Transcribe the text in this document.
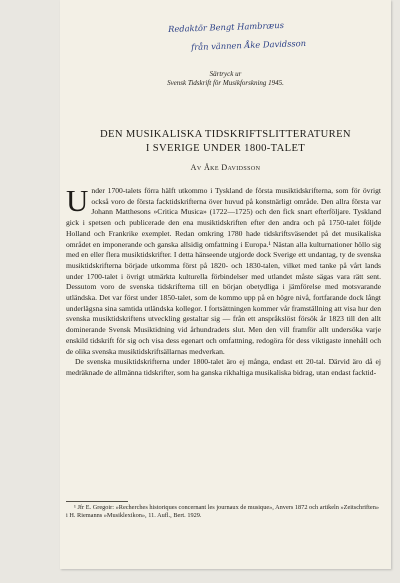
Redaktör Bengt Hambræus
från vännen Åke Davidsson
Särtryck ur
Svensk Tidskrift för Musikforskning 1945.
DEN MUSIKALISKA TIDSKRIFTSLITTERATUREN
I SVERIGE UNDER 1800-TALET
Av Åke Davidsson

Under 1700-talets förra hälft utkommo i Tyskland de första musiktidskrifterna, som för övrigt också voro de första facktidskrifterna över huvud på konstnärligt område. Den allra första var Johann Matthesons »Critica Musica» (1722—1725) och den fick snart efterföljare. Tyskland gick i spetsen och publicerade den ena musiktidskriften efter den andra och på 1750-talet följde Holland och Frankrike exemplet. Redan omkring 1780 hade tidskriftsväsendet på det musikaliska området en imponerande och ganska allsidig omfattning i Europa.¹ Nästan alla kulturnationer höllo sig med en eller flera musiktidskrifter. I detta hänseende utgjorde dock Sverige ett undantag, ty de svenska musiktidskrifterna började utkomma först på 1820- och 1830-talen, vilket med tanke på vårt lands under 1700-talet i övrigt utmärkta kulturella förbindelser med utlandet måste sägas vara rätt sent. Dessutom voro de svenska tidskrifterna till en början obetydliga i jämförelse med motsvarande utländska. Det var först under 1850-talet, som de kommo upp på en högre nivå, fortfarande dock långt underlägsna sina samtida utländska kollegor. I fortsättningen kommer vår framställning att visa hur den svenska musiktidskriftens utveckling gestaltar sig — från ett anspråkslöst försök år 1823 till den allt dominerande Svensk Musiktidning vid århundradets slut. Men den vill framför allt undersöka varje enskild tidskrift för sig och visa dess egenart och omfattning, redogöra för dess viktigaste innehåll och de olika svenska musiktidskriftsällarnas medverkan.

De svenska musiktidskrifterna under 1800-talet äro ej många, endast ett 20-tal. Därvid äro då ej medräknade de allmänna tidskrifter, som ha ganska rikhaltiga musikaliska bidrag, utan endast facktid-

¹ Jfr E. Gregoir: »Recherches historiques concernant les journaux de musique», Anvers 1872 och artikeln »Zeitschriften» i H. Riemanns »Musiklexikon», 11. Aufl., Bert. 1929.
